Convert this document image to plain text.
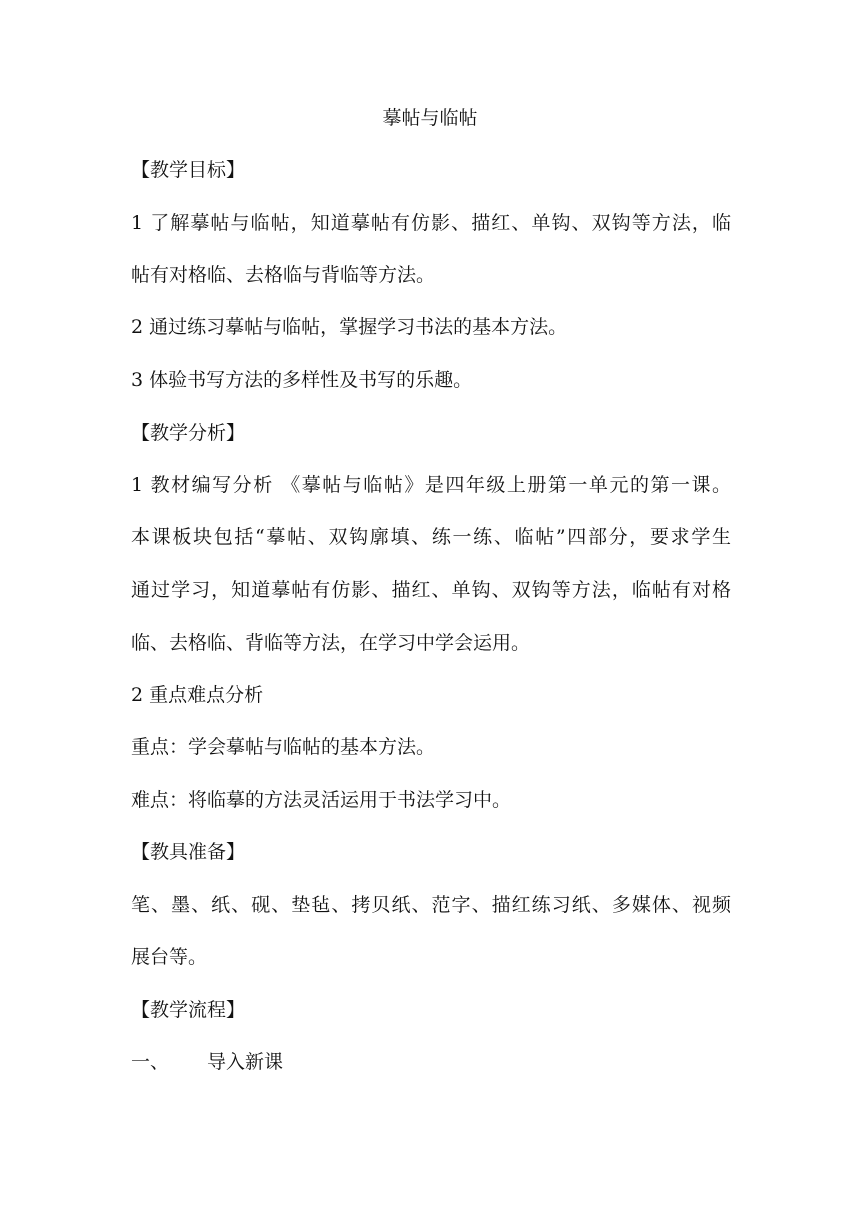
摹帖与临帖
【教学目标】
1 了解摹帖与临帖，知道摹帖有仿影、描红、单钩、双钩等方法，临
帖有对格临、去格临与背临等方法。
2 通过练习摹帖与临帖，掌握学习书法的基本方法。
3 体验书写方法的多样性及书写的乐趣。
【教学分析】
1 教材编写分析 《摹帖与临帖》是四年级上册第一单元的第一课。
本课板块包括“摹帖、双钩廓填、练一练、临帖”四部分，要求学生
通过学习，知道摹帖有仿影、描红、单钩、双钩等方法，临帖有对格
临、去格临、背临等方法，在学习中学会运用。
2 重点难点分析
重点：学会摹帖与临帖的基本方法。
难点：将临摹的方法灵活运用于书法学习中。
【教具准备】
笔、墨、纸、砚、垫毡、拷贝纸、范字、描红练习纸、多媒体、视频
展台等。
【教学流程】
一、 导入新课
